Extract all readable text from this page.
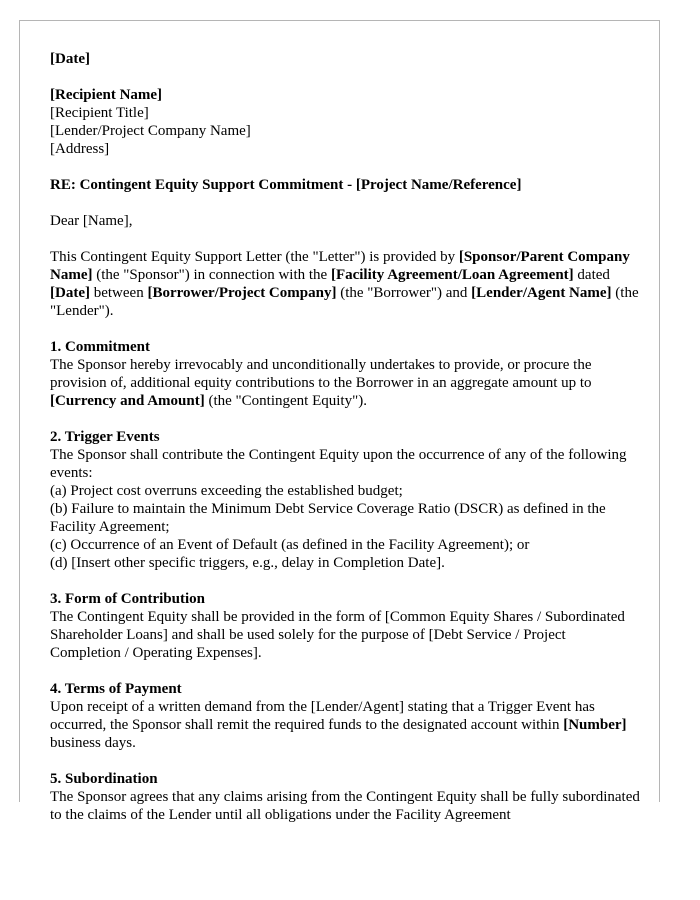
[Date]
[Recipient Name]
[Recipient Title]
[Lender/Project Company Name]
[Address]
RE: Contingent Equity Support Commitment - [Project Name/Reference]
Dear [Name],
This Contingent Equity Support Letter (the "Letter") is provided by [Sponsor/Parent Company Name] (the "Sponsor") in connection with the [Facility Agreement/Loan Agreement] dated [Date] between [Borrower/Project Company] (the "Borrower") and [Lender/Agent Name] (the "Lender").
1. Commitment
The Sponsor hereby irrevocably and unconditionally undertakes to provide, or procure the provision of, additional equity contributions to the Borrower in an aggregate amount up to [Currency and Amount] (the "Contingent Equity").
2. Trigger Events
The Sponsor shall contribute the Contingent Equity upon the occurrence of any of the following events:
(a) Project cost overruns exceeding the established budget;
(b) Failure to maintain the Minimum Debt Service Coverage Ratio (DSCR) as defined in the Facility Agreement;
(c) Occurrence of an Event of Default (as defined in the Facility Agreement); or
(d) [Insert other specific triggers, e.g., delay in Completion Date].
3. Form of Contribution
The Contingent Equity shall be provided in the form of [Common Equity Shares / Subordinated Shareholder Loans] and shall be used solely for the purpose of [Debt Service / Project Completion / Operating Expenses].
4. Terms of Payment
Upon receipt of a written demand from the [Lender/Agent] stating that a Trigger Event has occurred, the Sponsor shall remit the required funds to the designated account within [Number] business days.
5. Subordination
The Sponsor agrees that any claims arising from the Contingent Equity shall be fully subordinated to the claims of the Lender until all obligations under the Facility Agreement
